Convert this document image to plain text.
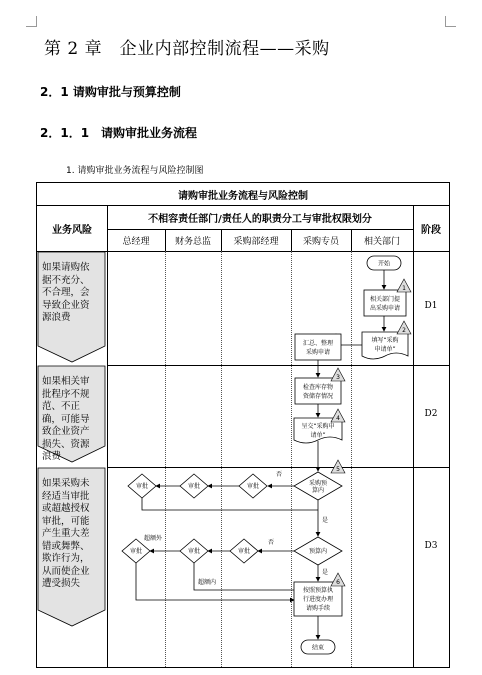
第 2 章　企业内部控制流程——采购
2．1 请购审批与预算控制
2．1．1　请购审批业务流程
1. 请购审批业务流程与风险控制图
请购审批业务流程与风险控制
业务风险
不相容责任部门/责任人的职责分工与审批权限划分
阶段
总经理	财务总监	采购部经理	采购专员	相关部门
D1
D2
D3
开始
相关部门提
出采购申请
填写“采购
申请单”
汇总、整理
采购申请
检查库存物
资储存情况
呈交“采购申
请单”
采购预
算内
否
审批
审批
审批
是
预算内
否
审批
审批
超额外
审批
超额内
是
按照预算执
行进度办理
请购手续
结束
1
2
3
4
5
6
如果请购依据不充分、不合理，会导致企业资源浪费
如果相关审批程序不规范、不正确，可能导致企业资产损失、资源浪费
如果采购未经适当审批或超越授权审批，可能产生重大差错或舞弊、欺诈行为，从而使企业遭受损失
